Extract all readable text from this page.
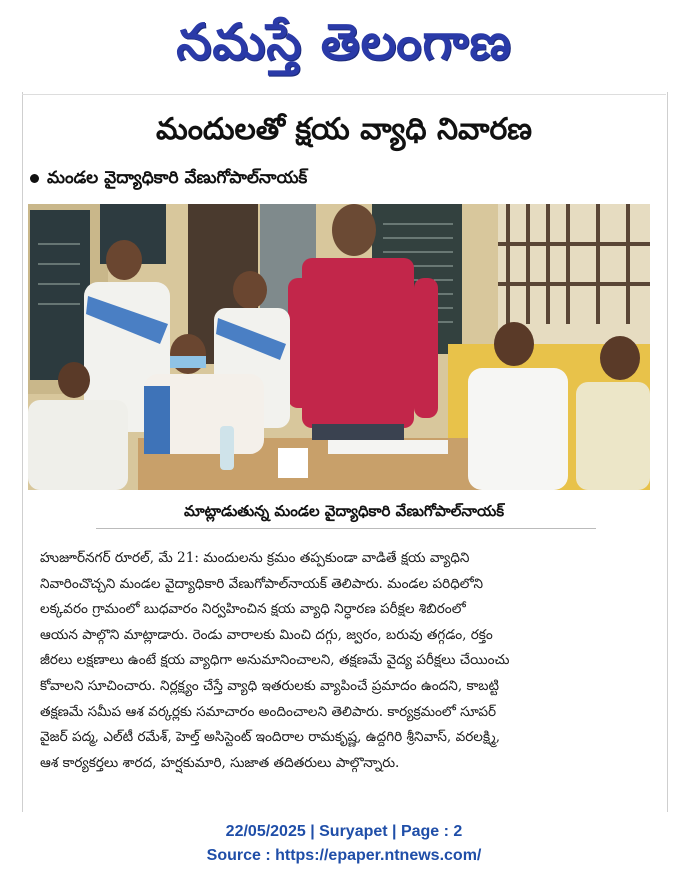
నమస్తే తెలంగాణ
మందులతో క్షయ వ్యాధి నివారణ
మండల వైద్యాధికారి వేణుగోపాల్‌నాయక్
మాట్లాడుతున్న మండల వైద్యాధికారి వేణుగోపాల్‌నాయక్
హుజూర్‌నగర్ రూరల్, మే 21: మందులను క్రమం తప్పకుండా వాడితే క్షయ వ్యాధిని
నివారించొచ్చని మండల వైద్యాధికారి వేణుగోపాల్‌నాయక్ తెలిపారు. మండల పరిధిలోని
లక్కవరం గ్రామంలో బుధవారం నిర్వహించిన క్షయ వ్యాధి నిర్ధారణ పరీక్షల శిబిరంలో
ఆయన పాల్గొని మాట్లాడారు. రెండు వారాలకు మించి దగ్గు, జ్వరం, బరువు తగ్గడం, రక్తం
జీరలు లక్షణాలు ఉంటే క్షయ వ్యాధిగా అనుమానించాలని, తక్షణమే వైద్య పరీక్షలు చేయించు
కోవాలని సూచించారు. నిర్లక్ష్యం చేస్తే వ్యాధి ఇతరులకు వ్యాపించే ప్రమాదం ఉందని, కాబట్టి
తక్షణమే సమీప ఆశ వర్కర్లకు సమాచారం అందించాలని తెలిపారు. కార్యక్రమంలో సూపర్
వైజర్ పద్మ, ఎల్‌టీ రమేశ్, హెల్త్ అసిస్టెంట్ ఇందిరాల రామకృష్ణ, ఉద్దగిరి శ్రీనివాస్, వరలక్ష్మి,
ఆశ కార్యకర్తలు శారద, హర్షకుమారి, సుజాత తదితరులు పాల్గొన్నారు.
22/05/2025 | Suryapet | Page : 2
Source : https://epaper.ntnews.com/
